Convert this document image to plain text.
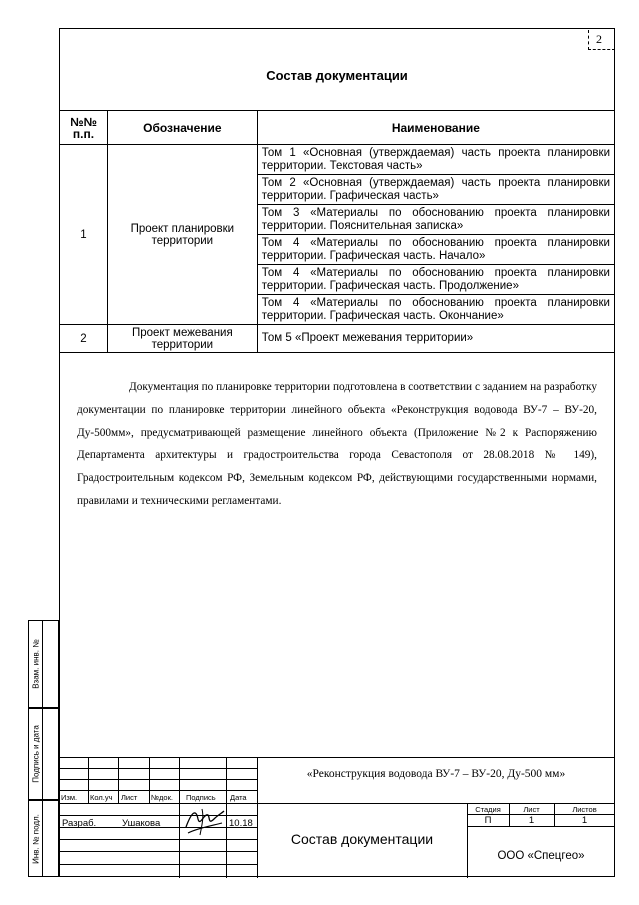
2
Состав документации
№№ п.п.	Обозначение	Наименование
1	Проект планировки территории	Том 1 «Основная (утверждаемая) часть проекта планировки территории. Текстовая часть»
		Том 2 «Основная (утверждаемая) часть проекта планировки территории. Графическая часть»
		Том 3 «Материалы по обоснованию проекта планировки территории. Пояснительная записка»
		Том 4 «Материалы по обоснованию проекта планировки территории. Графическая часть. Начало»
		Том 4 «Материалы по обоснованию проекта планировки территории. Графическая часть. Продолжение»
		Том 4 «Материалы по обоснованию проекта планировки территории. Графическая часть. Окончание»
2	Проект межевания территории	Том 5 «Проект межевания территории»
Документация по планировке территории подготовлена в соответствии с заданием на разработку документации по планировке территории линейного объекта «Реконструкция водовода ВУ-7 – ВУ-20, Ду-500мм», предусматривающей размещение линейного объекта (Приложение №2 к Распоряжению Департамента архитектуры и градостроительства города Севастополя от 28.08.2018 № 149), Градостроительным кодексом РФ, Земельным кодексом РФ, действующими государственными нормами, правилами и техническими регламентами.
Взам. инв. №
Подпись и дата
Инв. № подл.
Изм. Кол.уч Лист №док. Подпись Дата
«Реконструкция водовода ВУ-7 – ВУ-20, Ду-500 мм»
Разраб.	Ушакова	10.18
Состав документации
Стадия	Лист	Листов
П	1	1
ООО «Спецгео»
